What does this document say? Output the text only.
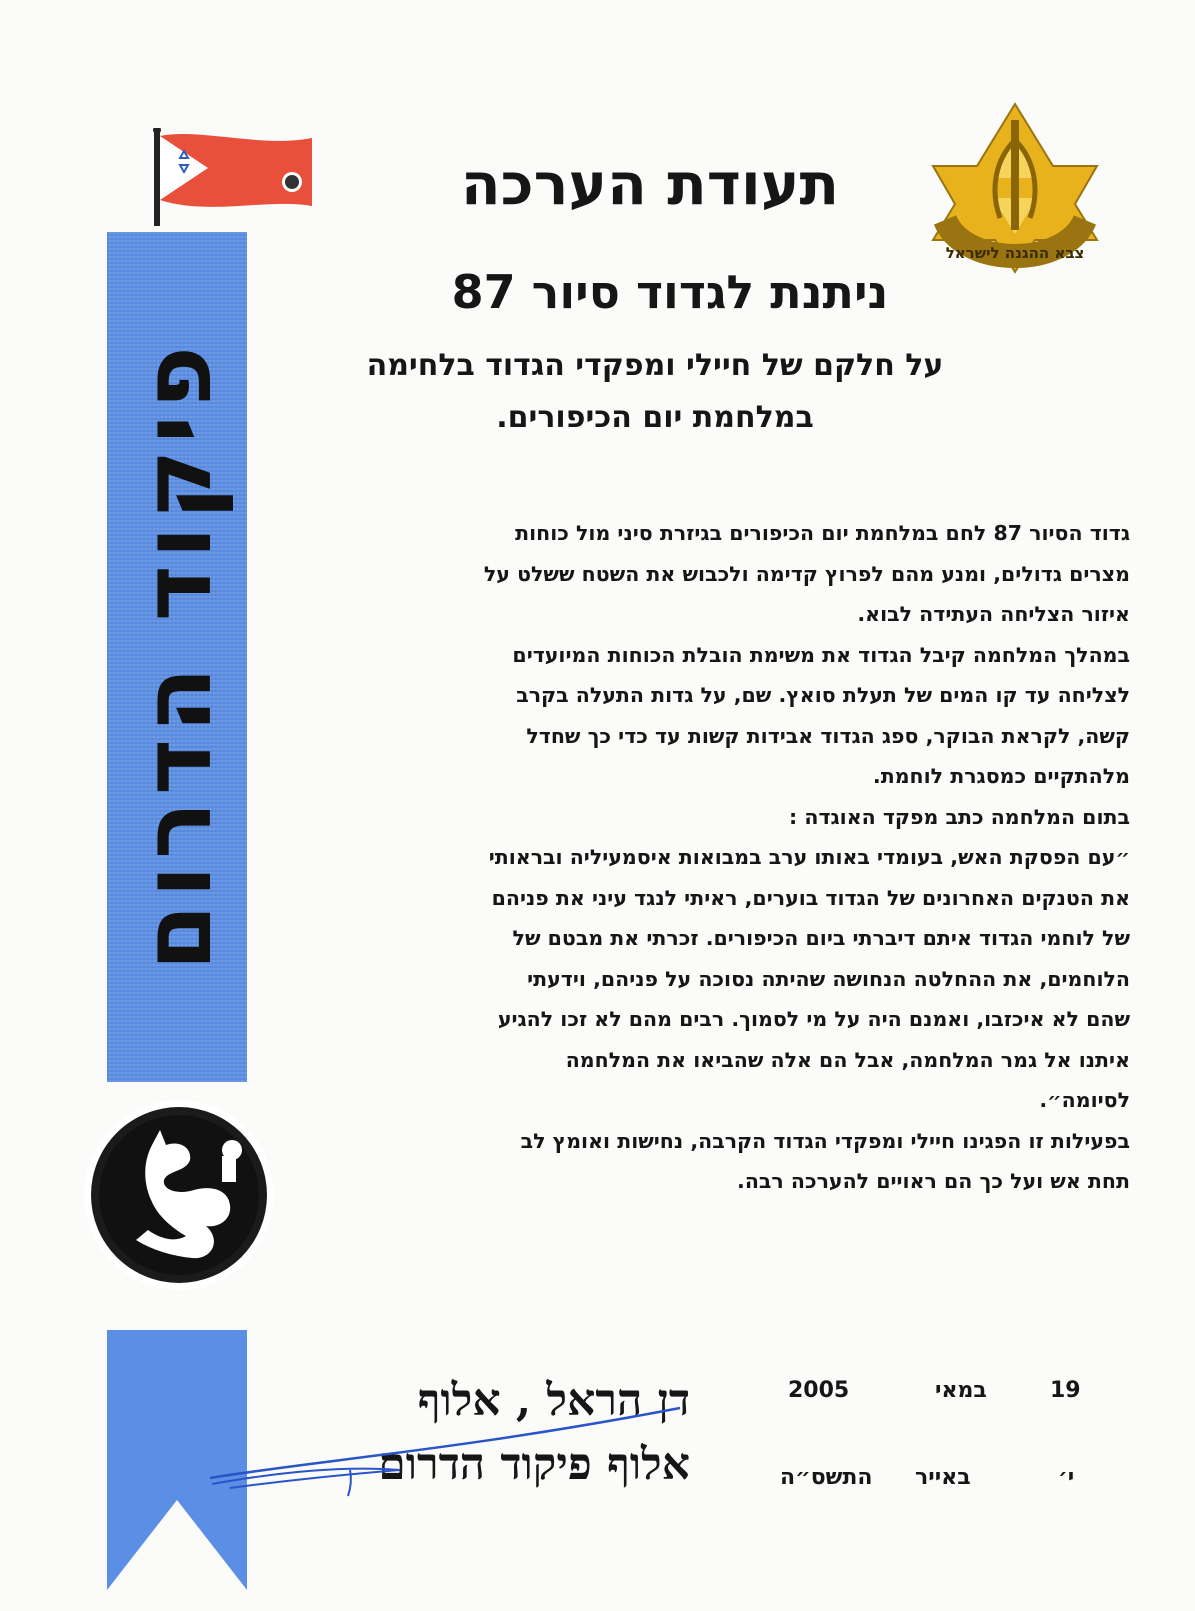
צבא ההגנה לישראל
פיקוד הדרום
תעודת הערכה
ניתנת לגדוד סיור 87
על חלקם של חיילי ומפקדי הגדוד בלחימה
במלחמת יום הכיפורים.
גדוד הסיור 87 לחם במלחמת יום הכיפורים בגיזרת סיני מול כוחות
מצרים גדולים, ומנע מהם לפרוץ קדימה ולכבוש את השטח ששלט על
איזור הצליחה העתידה לבוא.
במהלך המלחמה קיבל הגדוד את משימת הובלת הכוחות המיועדים
לצליחה עד קו המים של תעלת סואץ. שם, על גדות התעלה בקרב
קשה, לקראת הבוקר, ספג הגדוד אבידות קשות עד כדי כך שחדל
מלהתקיים כמסגרת לוחמת.
בתום המלחמה כתב מפקד האוגדה :
״עם הפסקת האש, בעומדי באותו ערב במבואות איסמעיליה ובראותי
את הטנקים האחרונים של הגדוד בוערים, ראיתי לנגד עיני את פניהם
של לוחמי הגדוד איתם דיברתי ביום הכיפורים. זכרתי את מבטם של
הלוחמים, את ההחלטה הנחושה שהיתה נסוכה על פניהם, וידעתי
שהם לא איכזבו, ואמנם היה על מי לסמוך. רבים מהם לא זכו להגיע
איתנו אל גמר המלחמה, אבל הם אלה שהביאו את המלחמה
לסיומה״.
בפעילות זו הפגינו חיילי ומפקדי הגדוד הקרבה, נחישות ואומץ לב
תחת אש ועל כך הם ראויים להערכה רבה.
דן הראל , אלוף
אלוף פיקוד הדרום
19
במאי
2005
י׳
באייר
התשס״ה
